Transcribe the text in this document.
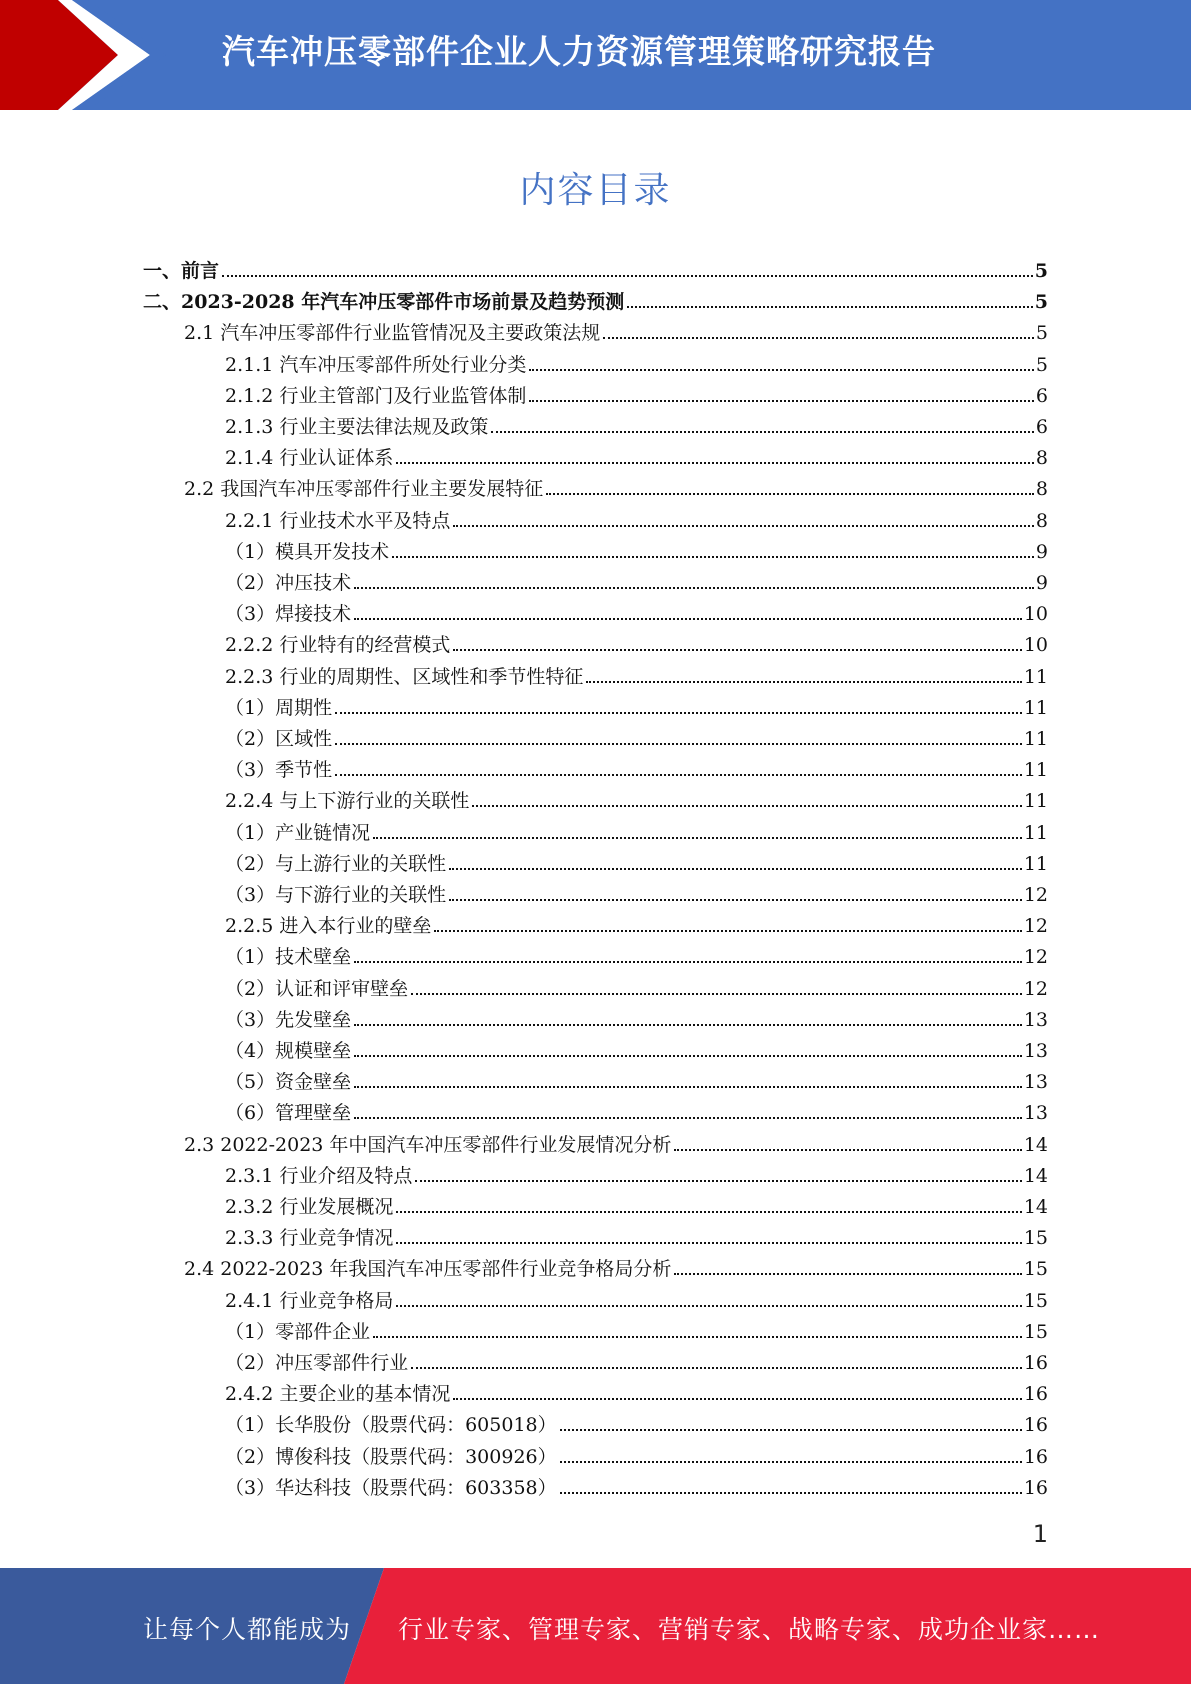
汽车冲压零部件企业人力资源管理策略研究报告
内容目录
一、前言	5
二、2023-2028 年汽车冲压零部件市场前景及趋势预测	5
2.1 汽车冲压零部件行业监管情况及主要政策法规	5
2.1.1 汽车冲压零部件所处行业分类	5
2.1.2 行业主管部门及行业监管体制	6
2.1.3 行业主要法律法规及政策	6
2.1.4 行业认证体系	8
2.2 我国汽车冲压零部件行业主要发展特征	8
2.2.1 行业技术水平及特点	8
（1）模具开发技术	9
（2）冲压技术	9
（3）焊接技术	10
2.2.2 行业特有的经营模式	10
2.2.3 行业的周期性、区域性和季节性特征	11
（1）周期性	11
（2）区域性	11
（3）季节性	11
2.2.4 与上下游行业的关联性	11
（1）产业链情况	11
（2）与上游行业的关联性	11
（3）与下游行业的关联性	12
2.2.5 进入本行业的壁垒	12
（1）技术壁垒	12
（2）认证和评审壁垒	12
（3）先发壁垒	13
（4）规模壁垒	13
（5）资金壁垒	13
（6）管理壁垒	13
2.3 2022-2023 年中国汽车冲压零部件行业发展情况分析	14
2.3.1 行业介绍及特点	14
2.3.2 行业发展概况	14
2.3.3 行业竞争情况	15
2.4 2022-2023 年我国汽车冲压零部件行业竞争格局分析	15
2.4.1 行业竞争格局	15
（1）零部件企业	15
（2）冲压零部件行业	16
2.4.2 主要企业的基本情况	16
（1）长华股份（股票代码：605018）	16
（2）博俊科技（股票代码：300926）	16
（3）华达科技（股票代码：603358）	16
1
让每个人都能成为 行业专家、管理专家、营销专家、战略专家、成功企业家……
